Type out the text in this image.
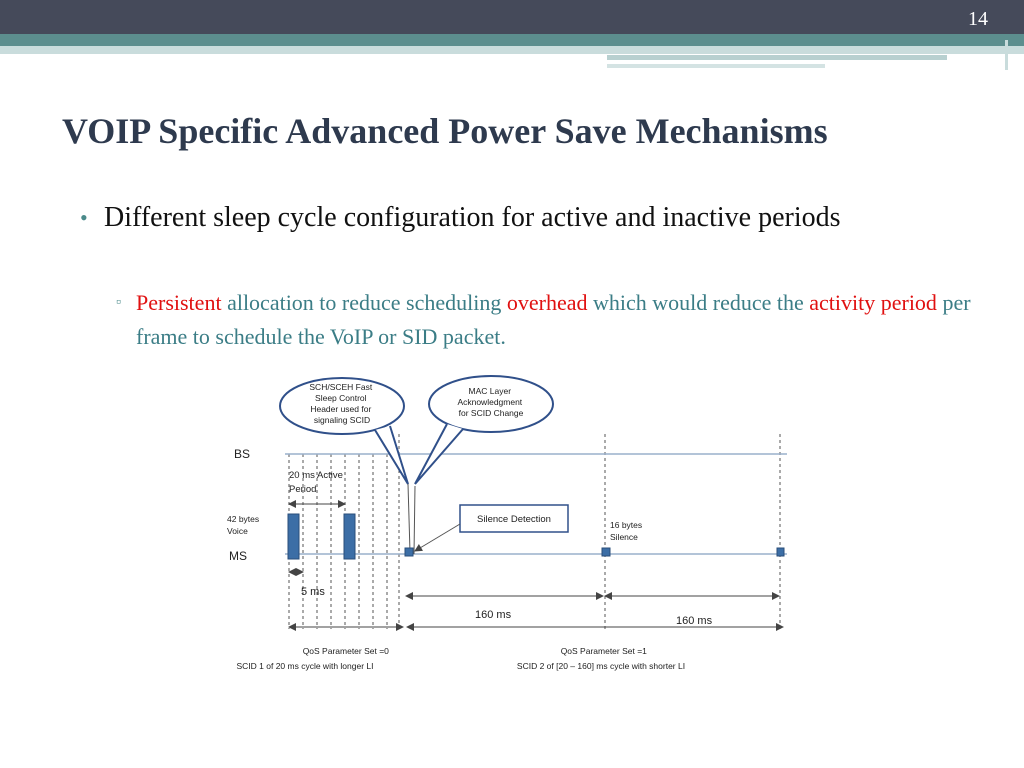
14
VOIP Specific Advanced Power Save Mechanisms
• Different sleep cycle configuration for active and inactive periods
▫ Persistent allocation to reduce scheduling overhead which would reduce the activity period per frame to schedule the VoIP or SID packet.
BS
MS
SCH/SCEH Fast Sleep Control Header used for signaling SCID
MAC Layer Acknowledgment for SCID Change
20 ms Active Period
42 bytes Voice
Silence Detection	16 bytes Silence
5 ms
160 ms	160 ms
QoS Parameter Set =0 SCID 1 of 20 ms cycle with longer LI
QoS Parameter Set =1 SCID 2 of [20 – 160] ms cycle with shorter LI
